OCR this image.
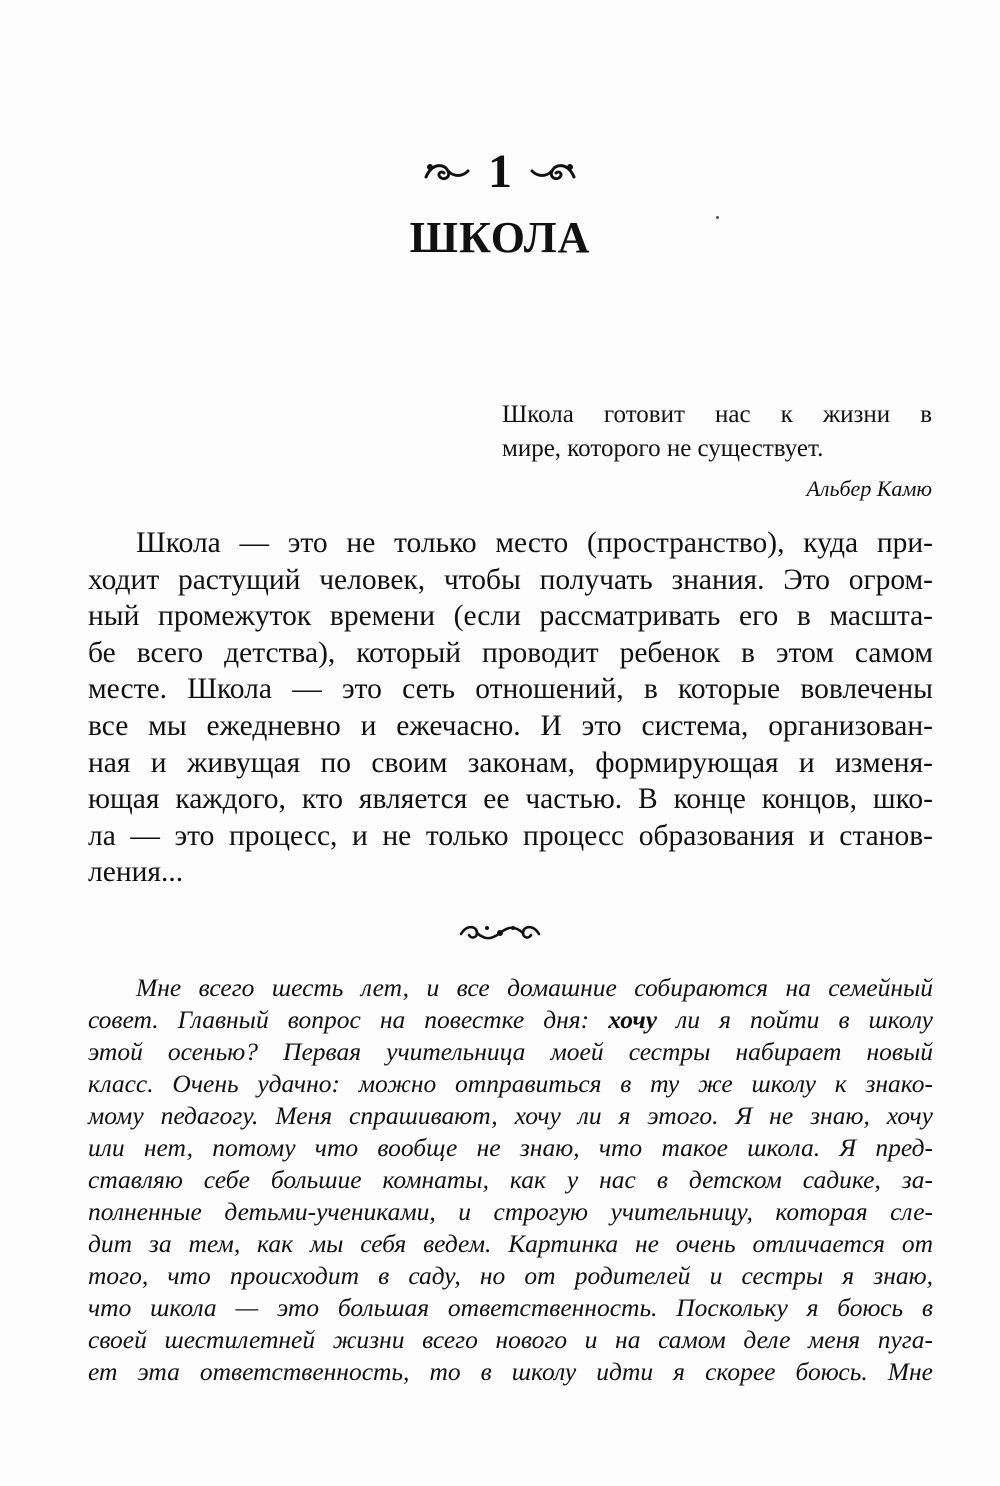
1
ШКОЛА
Школа готовит нас к жизни в
мире, которого не существует.
Альбер Камю
Школа — это не только место (пространство), куда при-
ходит растущий человек, чтобы получать знания. Это огром-
ный промежуток времени (если рассматривать его в масшта-
бе всего детства), который проводит ребенок в этом самом
месте. Школа — это сеть отношений, в которые вовлечены
все мы ежедневно и ежечасно. И это система, организован-
ная и живущая по своим законам, формирующая и изменя-
ющая каждого, кто является ее частью. В конце концов, шко-
ла — это процесс, и не только процесс образования и станов-
ления...
Мне всего шесть лет, и все домашние собираются на семейный
совет. Главный вопрос на повестке дня: хочу ли я пойти в школу
этой осенью? Первая учительница моей сестры набирает новый
класс. Очень удачно: можно отправиться в ту же школу к знако-
мому педагогу. Меня спрашивают, хочу ли я этого. Я не знаю, хочу
или нет, потому что вообще не знаю, что такое школа. Я пред-
ставляю себе большие комнаты, как у нас в детском садике, за-
полненные детьми-учениками, и строгую учительницу, которая сле-
дит за тем, как мы себя ведем. Картинка не очень отличается от
того, что происходит в саду, но от родителей и сестры я знаю,
что школа — это большая ответственность. Поскольку я боюсь в
своей шестилетней жизни всего нового и на самом деле меня пуга-
ет эта ответственность, то в школу идти я скорее боюсь. Мне
